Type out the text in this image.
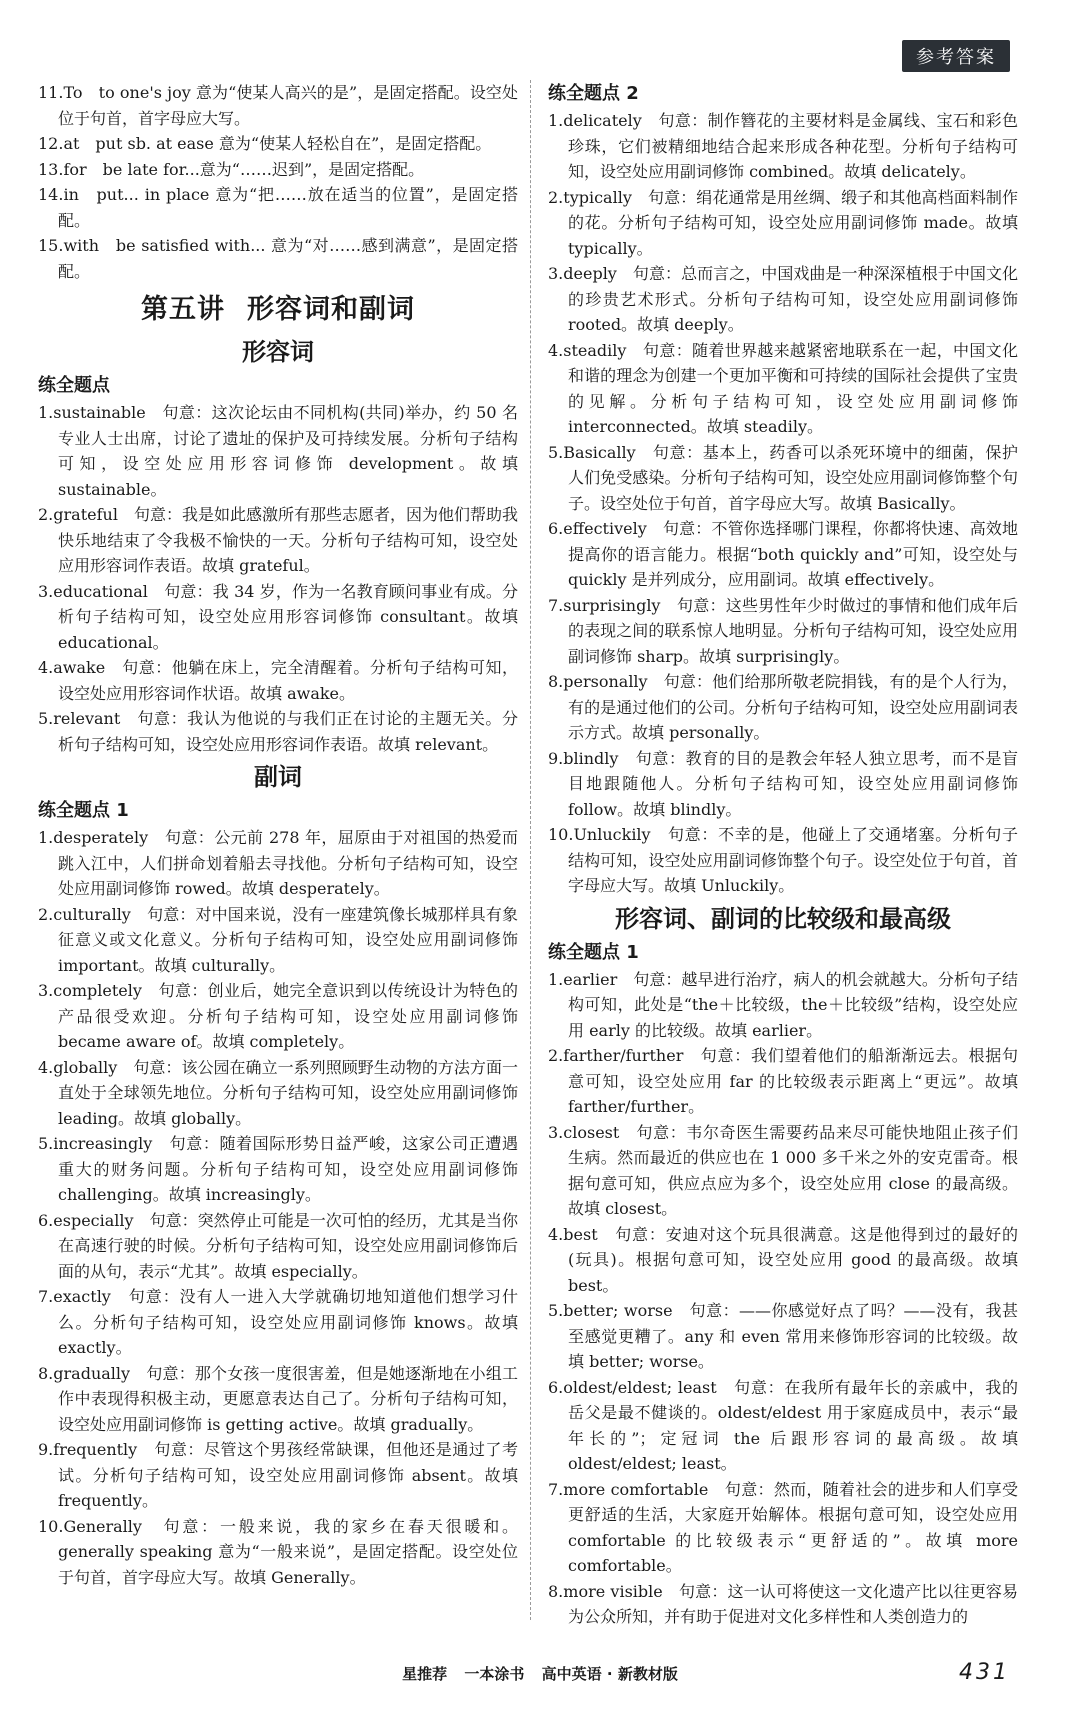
参考答案

11.To　to one's joy 意为“使某人高兴的是”，是固定搭配。设空处位于句首，首字母应大写。

12.at　put sb. at ease 意为“使某人轻松自在”，是固定搭配。

13.for　be late for...意为“……迟到”，是固定搭配。

14.in　put... in place 意为“把……放在适当的位置”，是固定搭配。

15.with　be satisfied with... 意为“对……感到满意”，是固定搭配。

第五讲 形容词和副词
形容词
练全题点

1.sustainable　句意：这次论坛由不同机构(共同)举办，约 50 名专业人士出席，讨论了遗址的保护及可持续发展。分析句子结构可知，设空处应用形容词修饰 development。故填 sustainable。

2.grateful　句意：我是如此感激所有那些志愿者，因为他们帮助我快乐地结束了令我极不愉快的一天。分析句子结构可知，设空处应用形容词作表语。故填 grateful。

3.educational　句意：我 34 岁，作为一名教育顾问事业有成。分析句子结构可知，设空处应用形容词修饰 consultant。故填 educational。

4.awake　句意：他躺在床上，完全清醒着。分析句子结构可知，设空处应用形容词作状语。故填 awake。

5.relevant　句意：我认为他说的与我们正在讨论的主题无关。分析句子结构可知，设空处应用形容词作表语。故填 relevant。

副词
练全题点 1

1.desperately　句意：公元前 278 年，屈原由于对祖国的热爱而跳入江中，人们拼命划着船去寻找他。分析句子结构可知，设空处应用副词修饰 rowed。故填 desperately。

2.culturally　句意：对中国来说，没有一座建筑像长城那样具有象征意义或文化意义。分析句子结构可知，设空处应用副词修饰 important。故填 culturally。

3.completely　句意：创业后，她完全意识到以传统设计为特色的产品很受欢迎。分析句子结构可知，设空处应用副词修饰 became aware of。故填 completely。

4.globally　句意：该公园在确立一系列照顾野生动物的方法方面一直处于全球领先地位。分析句子结构可知，设空处应用副词修饰 leading。故填 globally。

5.increasingly　句意：随着国际形势日益严峻，这家公司正遭遇重大的财务问题。分析句子结构可知，设空处应用副词修饰 challenging。故填 increasingly。

6.especially　句意：突然停止可能是一次可怕的经历，尤其是当你在高速行驶的时候。分析句子结构可知，设空处应用副词修饰后面的从句，表示“尤其”。故填 especially。

7.exactly　句意：没有人一进入大学就确切地知道他们想学习什么。分析句子结构可知，设空处应用副词修饰 knows。故填 exactly。

8.gradually　句意：那个女孩一度很害羞，但是她逐渐地在小组工作中表现得积极主动，更愿意表达自己了。分析句子结构可知，设空处应用副词修饰 is getting active。故填 gradually。

9.frequently　句意：尽管这个男孩经常缺课，但他还是通过了考试。分析句子结构可知，设空处应用副词修饰 absent。故填 frequently。

10.Generally　句意：一般来说，我的家乡在春天很暖和。generally speaking 意为“一般来说”，是固定搭配。设空处位于句首，首字母应大写。故填 Generally。

练全题点 2

1.delicately　句意：制作簪花的主要材料是金属线、宝石和彩色珍珠，它们被精细地结合起来形成各种花型。分析句子结构可知，设空处应用副词修饰 combined。故填 delicately。

2.typically　句意：绢花通常是用丝绸、缎子和其他高档面料制作的花。分析句子结构可知，设空处应用副词修饰 made。故填 typically。

3.deeply　句意：总而言之，中国戏曲是一种深深植根于中国文化的珍贵艺术形式。分析句子结构可知，设空处应用副词修饰 rooted。故填 deeply。

4.steadily　句意：随着世界越来越紧密地联系在一起，中国文化和谐的理念为创建一个更加平衡和可持续的国际社会提供了宝贵的见解。分析句子结构可知，设空处应用副词修饰 interconnected。故填 steadily。

5.Basically　句意：基本上，药香可以杀死环境中的细菌，保护人们免受感染。分析句子结构可知，设空处应用副词修饰整个句子。设空处位于句首，首字母应大写。故填 Basically。

6.effectively　句意：不管你选择哪门课程，你都将快速、高效地提高你的语言能力。根据“both quickly and”可知，设空处与 quickly 是并列成分，应用副词。故填 effectively。

7.surprisingly　句意：这些男性年少时做过的事情和他们成年后的表现之间的联系惊人地明显。分析句子结构可知，设空处应用副词修饰 sharp。故填 surprisingly。

8.personally　句意：他们给那所敬老院捐钱，有的是个人行为，有的是通过他们的公司。分析句子结构可知，设空处应用副词表示方式。故填 personally。

9.blindly　句意：教育的目的是教会年轻人独立思考，而不是盲目地跟随他人。分析句子结构可知，设空处应用副词修饰 follow。故填 blindly。

10.Unluckily　句意：不幸的是，他碰上了交通堵塞。分析句子结构可知，设空处应用副词修饰整个句子。设空处位于句首，首字母应大写。故填 Unluckily。

形容词、副词的比较级和最高级
练全题点 1

1.earlier　句意：越早进行治疗，病人的机会就越大。分析句子结构可知，此处是“the＋比较级，the＋比较级”结构，设空处应用 early 的比较级。故填 earlier。

2.farther/further　句意：我们望着他们的船渐渐远去。根据句意可知，设空处应用 far 的比较级表示距离上“更远”。故填 farther/further。

3.closest　句意：韦尔奇医生需要药品来尽可能快地阻止孩子们生病。然而最近的供应也在 1 000 多千米之外的安克雷奇。根据句意可知，供应点应为多个，设空处应用 close 的最高级。故填 closest。

4.best　句意：安迪对这个玩具很满意。这是他得到过的最好的(玩具)。根据句意可知，设空处应用 good 的最高级。故填 best。

5.better; worse　句意：——你感觉好点了吗？——没有，我甚至感觉更糟了。any 和 even 常用来修饰形容词的比较级。故填 better; worse。

6.oldest/eldest; least　句意：在我所有最年长的亲戚中，我的岳父是最不健谈的。oldest/eldest 用于家庭成员中，表示“最年长的”；定冠词 the 后跟形容词的最高级。故填 oldest/eldest; least。

7.more comfortable　句意：然而，随着社会的进步和人们享受更舒适的生活，大家庭开始解体。根据句意可知，设空处应用 comfortable 的比较级表示“更舒适的”。故填 more comfortable。

8.more visible　句意：这一认可将使这一文化遗产比以往更容易为公众所知，并有助于促进对文化多样性和人类创造力的

星推荐 一本涂书 高中英语 · 新教材版	431
